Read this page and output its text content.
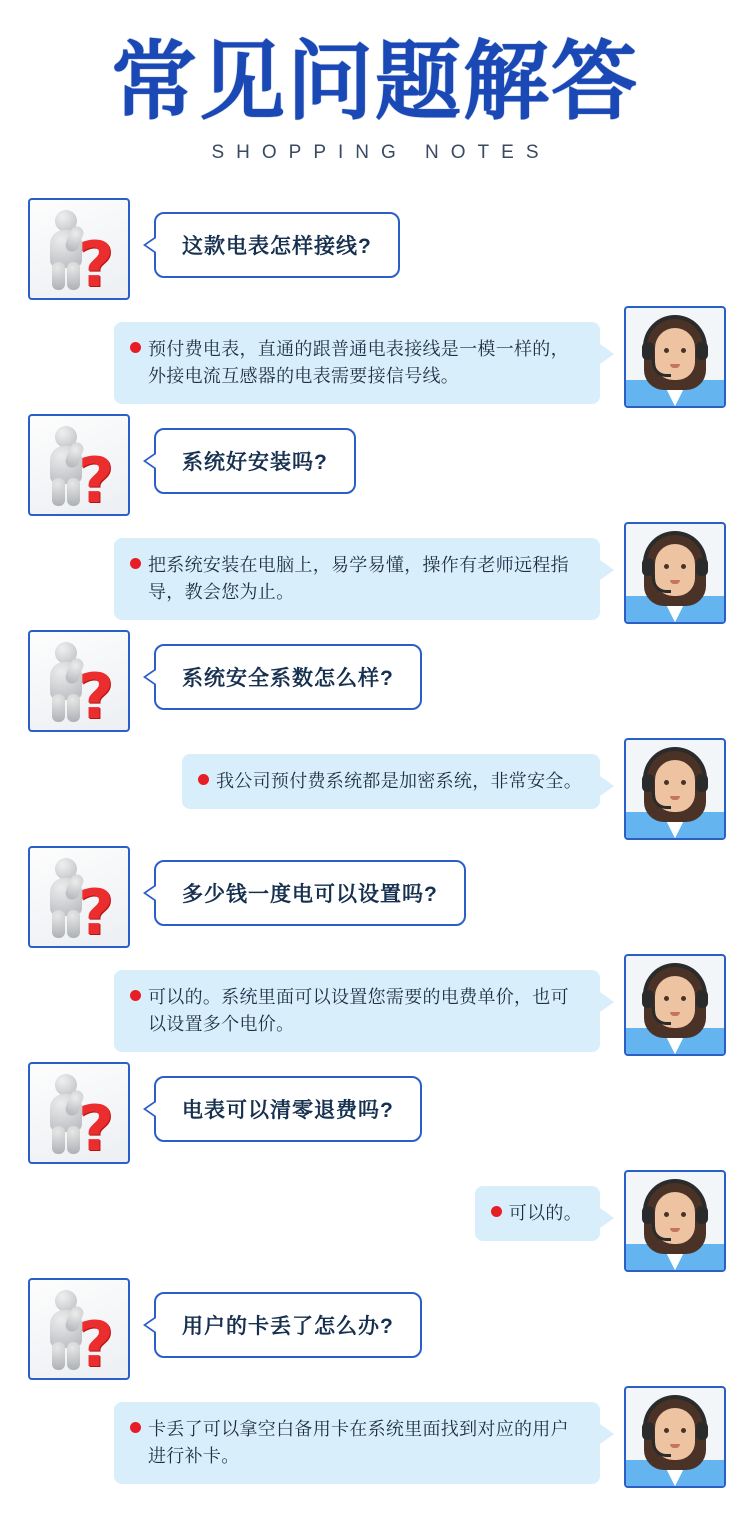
常见问题解答
SHOPPING NOTES
?	这款电表怎样接线?
预付费电表，直通的跟普通电表接线是一模一样的，外接电流互感器的电表需要接信号线。
?	系统好安装吗?
把系统安装在电脑上，易学易懂，操作有老师远程指导，教会您为止。
?	系统安全系数怎么样?
我公司预付费系统都是加密系统，非常安全。
?	多少钱一度电可以设置吗?
可以的。系统里面可以设置您需要的电费单价，也可以设置多个电价。
?	电表可以清零退费吗?
可以的。
?	用户的卡丢了怎么办?
卡丢了可以拿空白备用卡在系统里面找到对应的用户进行补卡。
